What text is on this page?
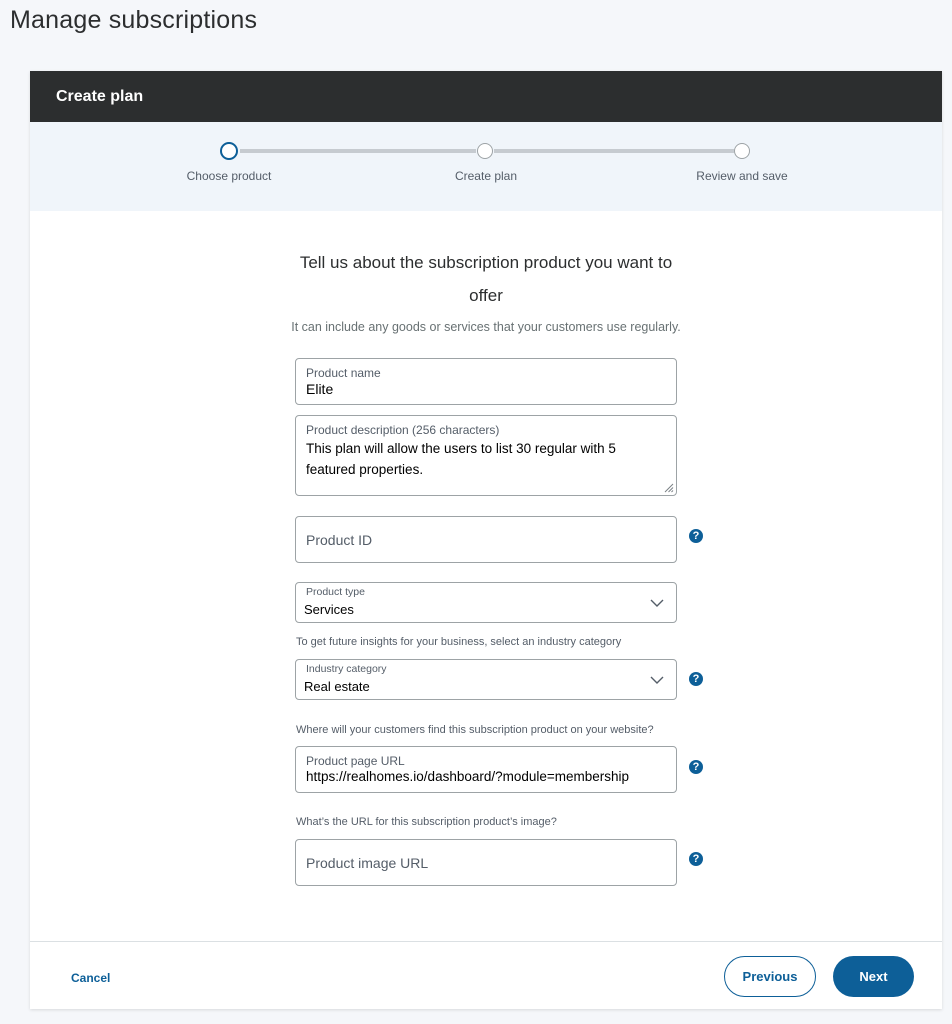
Manage subscriptions
Create plan
Choose product	Create plan	Review and save
Tell us about the subscription product you want to
offer
It can include any goods or services that your customers use regularly.
Product name
Elite
Product description (256 characters)
This plan will allow the users to list 30 regular with 5 featured properties.
Product ID	?
Product type
Services
To get future insights for your business, select an industry category
Industry category
Real estate	?
Where will your customers find this subscription product on your website?
Product page URL
https://realhomes.io/dashboard/?module=membership
?
What’s the URL for this subscription product’s image?
Product image URL	?
Cancel	Previous	Next
